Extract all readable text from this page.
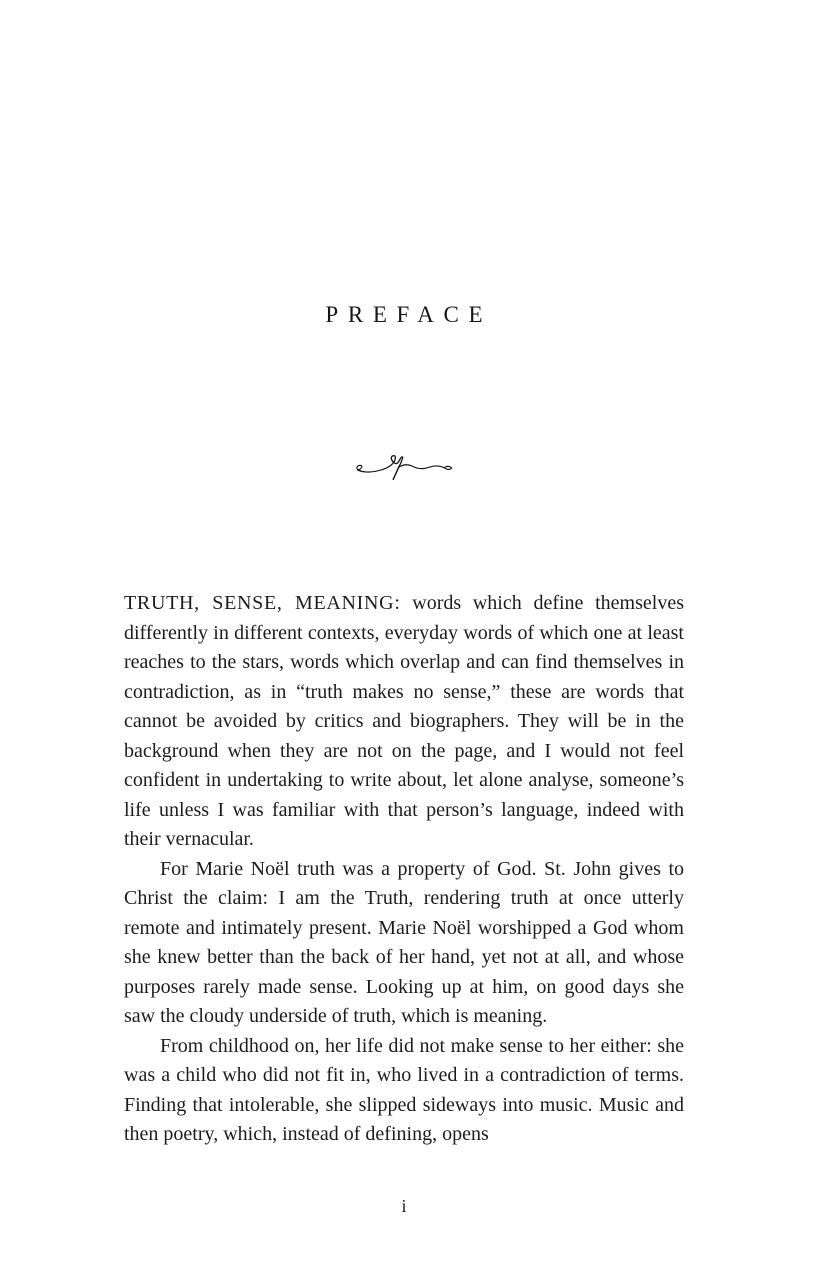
PREFACE

TRUTH, SENSE, MEANING: words which define themselves differently in different contexts, everyday words of which one at least reaches to the stars, words which overlap and can find themselves in contradiction, as in “truth makes no sense,” these are words that cannot be avoided by critics and biographers. They will be in the background when they are not on the page, and I would not feel confident in undertaking to write about, let alone analyse, someone’s life unless I was familiar with that person’s language, indeed with their vernacular.

For Marie Noël truth was a property of God. St. John gives to Christ the claim: I am the Truth, rendering truth at once utterly remote and intimately present. Marie Noël worshipped a God whom she knew better than the back of her hand, yet not at all, and whose purposes rarely made sense. Looking up at him, on good days she saw the cloudy underside of truth, which is meaning.

From childhood on, her life did not make sense to her either: she was a child who did not fit in, who lived in a contradiction of terms. Finding that intolerable, she slipped sideways into music. Music and then poetry, which, instead of defining, opens

i
